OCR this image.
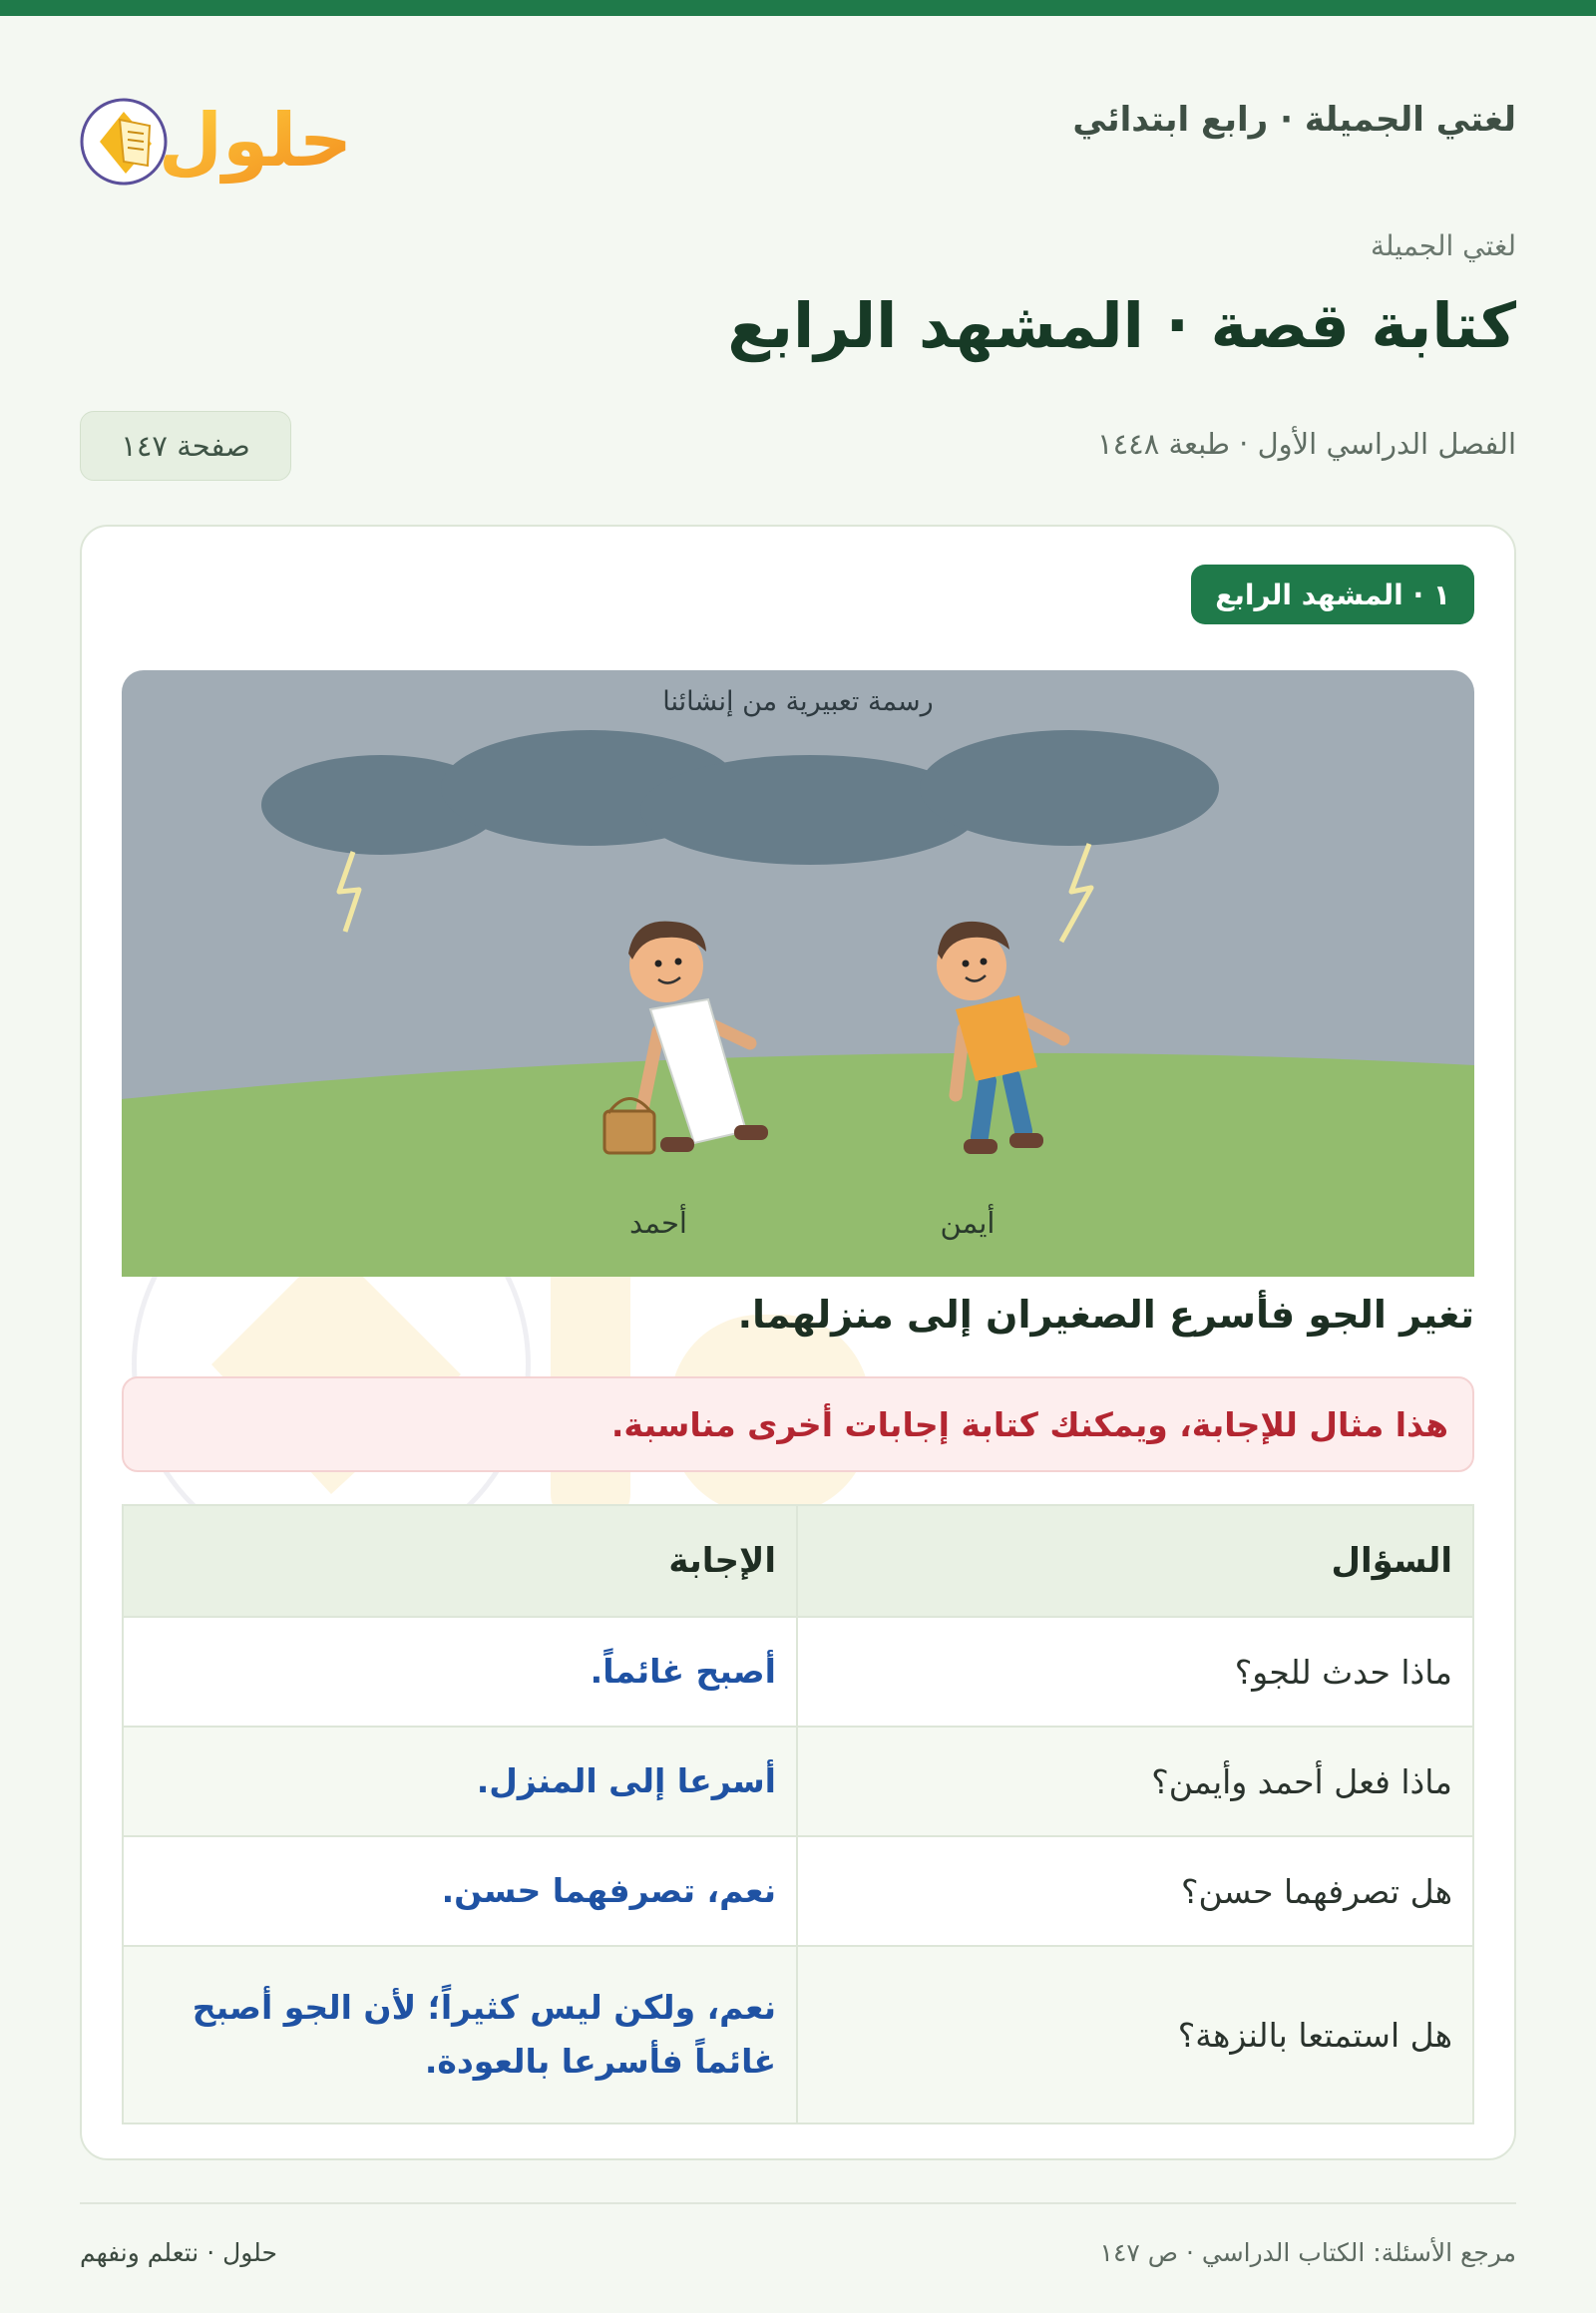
لغتي الجميلة · رابع ابتدائي
حلول
لغتي الجميلة
كتابة قصة · المشهد الرابع
الفصل الدراسي الأول · طبعة ١٤٤٨
صفحة ١٤٧
١ · المشهد الرابع
رسمة تعبيرية من إنشائنا
أحمد	أيمن
تغير الجو فأسرع الصغيران إلى منزلهما.
هذا مثال للإجابة، ويمكنك كتابة إجابات أخرى مناسبة.
السؤال	الإجابة
ماذا حدث للجو؟	أصبح غائماً.
ماذا فعل أحمد وأيمن؟	أسرعا إلى المنزل.
هل تصرفهما حسن؟	نعم، تصرفهما حسن.
هل استمتعا بالنزهة؟	نعم، ولكن ليس كثيراً؛ لأن الجو أصبح غائماً فأسرعا بالعودة.
مرجع الأسئلة: الكتاب الدراسي · ص ١٤٧
حلول · نتعلم ونفهم
